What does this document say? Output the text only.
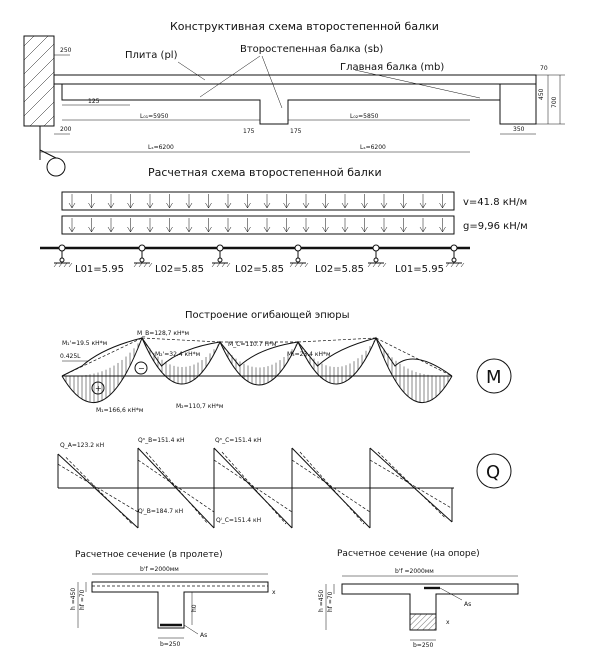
Конструктивная схема второстепенной балки
Плита (pl)
Второстепенная балка (sb)
Главная балка (mb)
250
125
200
L₀₁=5950	L₀₂=5850
175	175
Lₛ=6200	Lₛ=6200
70
450
700
350
Расчетная схема второстепенной балки
v=41.8 кН/м
g=9,96 кН/м
L01=5.95	L02=5.85	L02=5.85	L02=5.85	L01=5.95
Построение огибающей эпюры
M₁'=19.5 кН*м
0.425L
M_B=128,7 кН*м
M₂'=32.4 кН*м
M_C=110.7 Н*м
M₃=23.4 кН*м
M₁=166,6 кН*м
M₂=110,7 кН*м
+
−	M
Q_A=123.2 кН
Qⁿ_B=151.4 кН	Qⁿ_C=151.4 кН
Qˡ_B=184.7 кН
Qˡ_C=151.4 кН
Q
Расчетное сечение (в пролете)	Расчетное сечение (на опоре)
b'f =2000мм
h =450 hf =70
As
b=250
h0
x
b'f =2000мм
As
h =450 hf =70
b=250
x
